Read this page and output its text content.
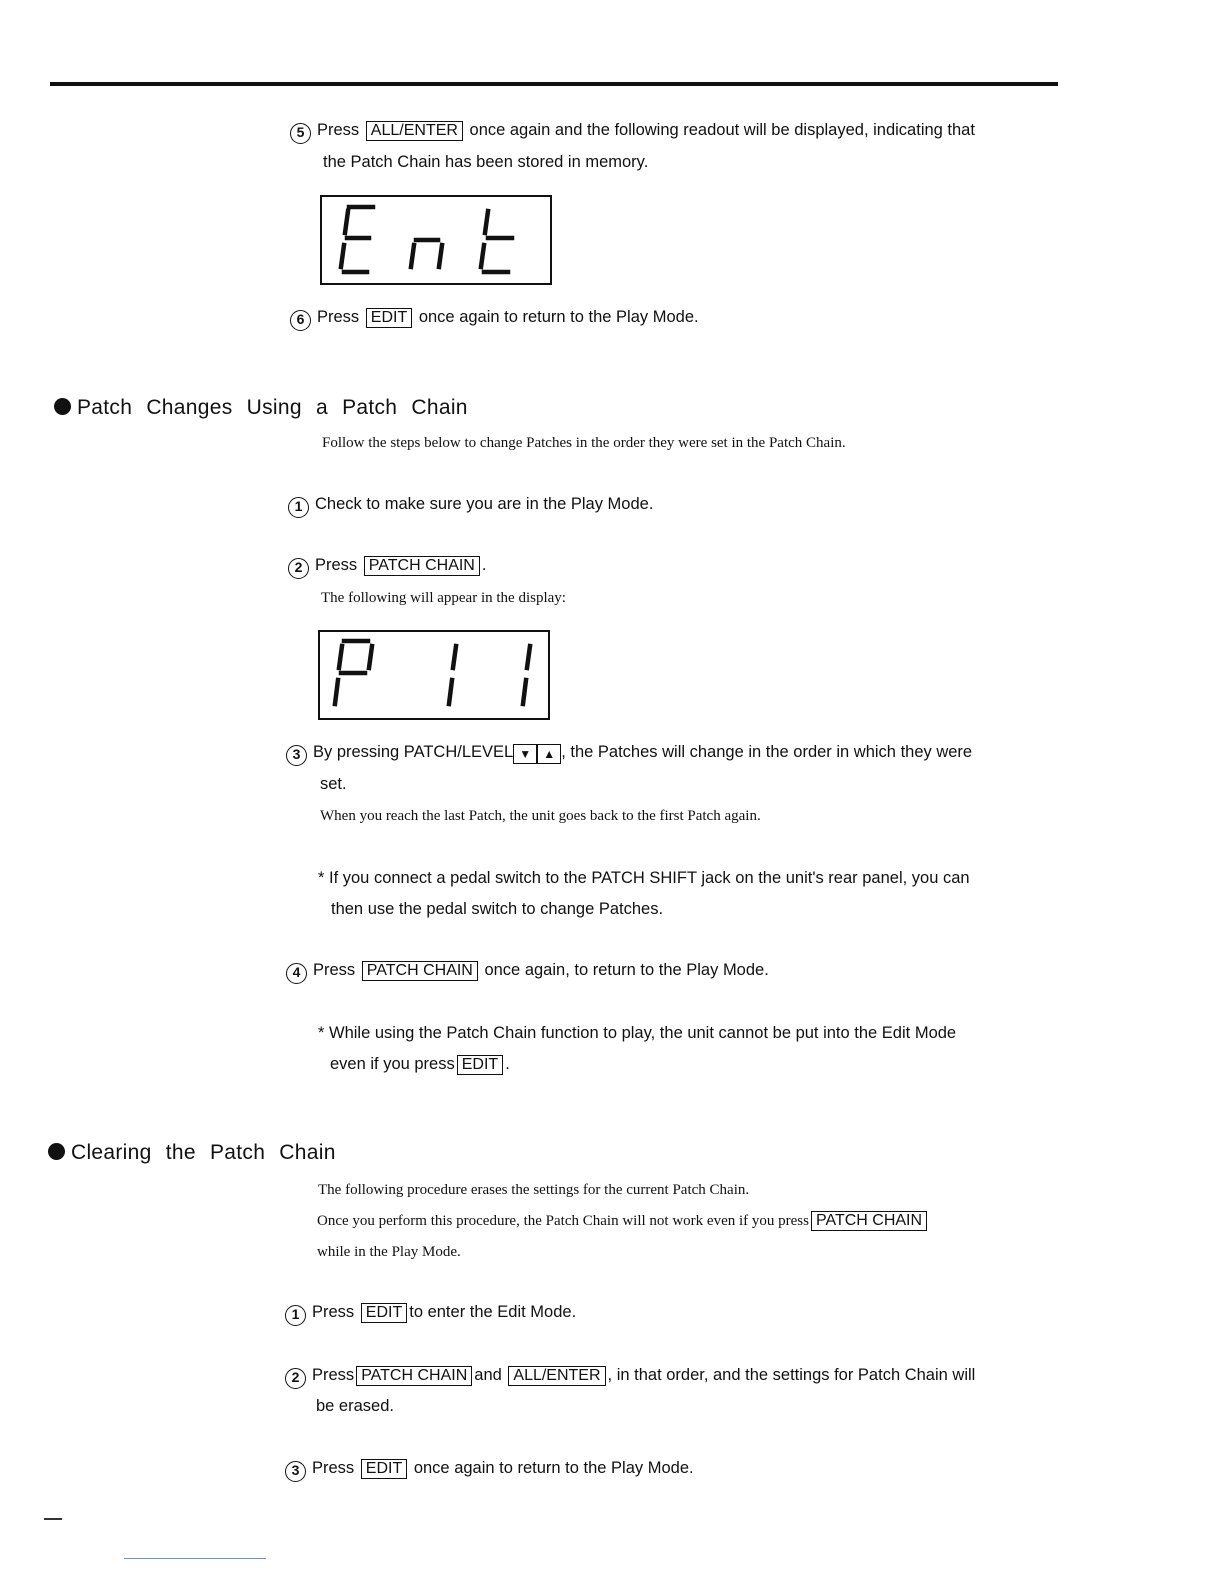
5 Press ALL/ENTER once again and the following readout will be displayed, indicating that
the Patch Chain has been stored in memory.
6 Press EDIT once again to return to the Play Mode.
Patch Changes Using a Patch Chain
Follow the steps below to change Patches in the order they were set in the Patch Chain.
1 Check to make sure you are in the Play Mode.
2 Press PATCH CHAIN .
The following will appear in the display:
3 By pressing PATCH/LEVEL ▼ ▲ , the Patches will change in the order in which they were
set.
When you reach the last Patch, the unit goes back to the first Patch again.
* If you connect a pedal switch to the PATCH SHIFT jack on the unit's rear panel, you can
then use the pedal switch to change Patches.
4 Press PATCH CHAIN once again, to return to the Play Mode.
* While using the Patch Chain function to play, the unit cannot be put into the Edit Mode
even if you press EDIT .
Clearing the Patch Chain
The following procedure erases the settings for the current Patch Chain.
Once you perform this procedure, the Patch Chain will not work even if you press PATCH CHAIN
while in the Play Mode.
1 Press EDIT to enter the Edit Mode.
2 Press PATCH CHAIN and ALL/ENTER , in that order, and the settings for Patch Chain will
be erased.
3 Press EDIT once again to return to the Play Mode.
